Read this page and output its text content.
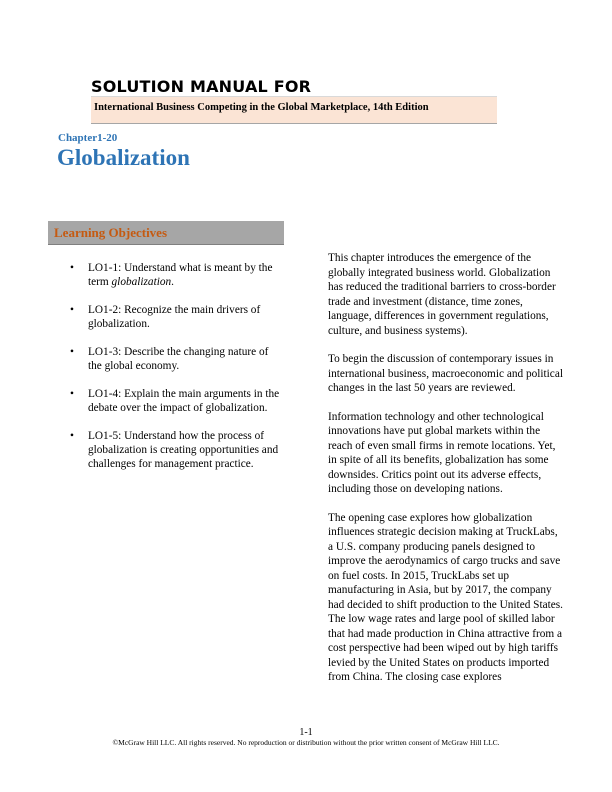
SOLUTION MANUAL FOR
International Business Competing in the Global Marketplace, 14th Edition
Chapter1-20
Globalization
Learning Objectives
• LO1-1: Understand what is meant by the term globalization.
• LO1-2: Recognize the main drivers of globalization.
• LO1-3: Describe the changing nature of the global economy.
• LO1-4: Explain the main arguments in the debate over the impact of globalization.
• LO1-5: Understand how the process of globalization is creating opportunities and challenges for management practice.

This chapter introduces the emergence of the globally integrated business world. Globalization has reduced the traditional barriers to cross-border trade and investment (distance, time zones, language, differences in government regulations, culture, and business systems).

To begin the discussion of contemporary issues in international business, macroeconomic and political changes in the last 50 years are reviewed.

Information technology and other technological innovations have put global markets within the reach of even small firms in remote locations. Yet, in spite of all its benefits, globalization has some downsides. Critics point out its adverse effects, including those on developing nations.

The opening case explores how globalization influences strategic decision making at TruckLabs, a U.S. company producing panels designed to improve the aerodynamics of cargo trucks and save on fuel costs. In 2015, TruckLabs set up manufacturing in Asia, but by 2017, the company had decided to shift production to the United States. The low wage rates and large pool of skilled labor that had made production in China attractive from a cost perspective had been wiped out by high tariffs levied by the United States on products imported from China. The closing case explores

1-1
©McGraw Hill LLC. All rights reserved. No reproduction or distribution without the prior written consent of McGraw Hill LLC.
